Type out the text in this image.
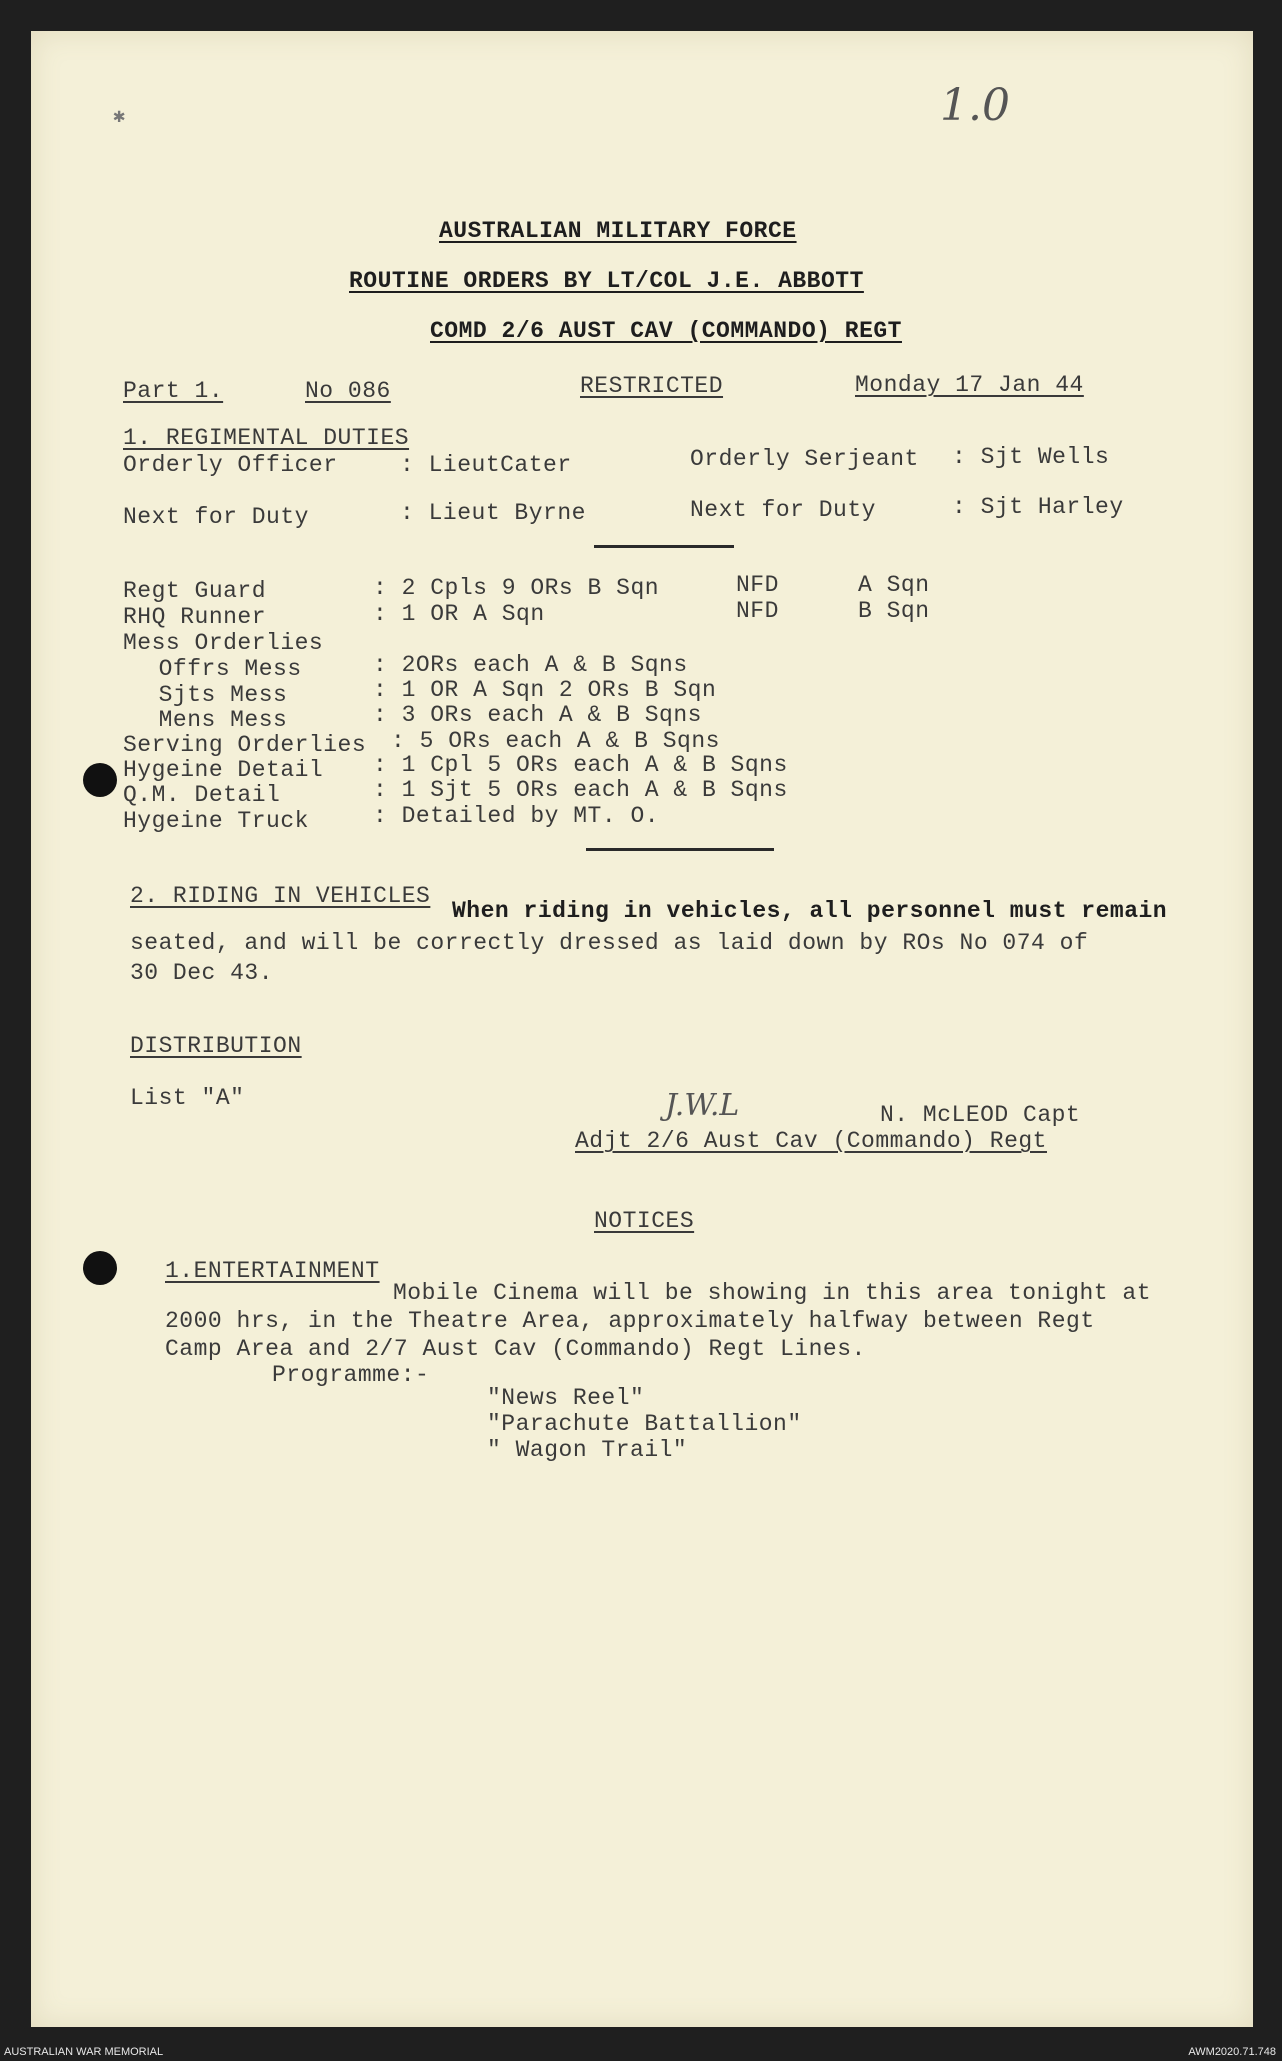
1.0
AUSTRALIAN MILITARY FORCE
ROUTINE ORDERS BY LT/COL J.E. ABBOTT
COMD 2/6 AUST CAV (COMMANDO) REGT
Part 1.	No 086	RESTRICTED	Monday 17 Jan 44
1. REGIMENTAL DUTIES
Orderly Officer	: LieutCater	Orderly Serjeant : Sjt Wells
Next for Duty	: Lieut Byrne	Next for Duty	: Sjt Harley
Regt Guard	: 2 Cpls 9 ORs B Sqn	NFD	A Sqn
RHQ Runner	: 1 OR A Sqn	NFD	B Sqn
Mess Orderlies
Offrs Mess	: 2ORs each A & B Sqns
Sjts Mess	: 1 OR A Sqn 2 ORs B Sqn
Mens Mess	: 3 ORs each A & B Sqns
Serving Orderlies : 5 ORs each A & B Sqns
Hygeine Detail : 1 Cpl 5 ORs each A & B Sqns
Q.M. Detail	: 1 Sjt 5 ORs each A & B Sqns
Hygeine Truck	: Detailed by MT. O.
2. RIDING IN VEHICLES
When riding in vehicles, all personnel must remain
seated, and will be correctly dressed as laid down by ROs No 074 of
30 Dec 43.
DISTRIBUTION
List "A"	J.W.L	N. McLEOD Capt
Adjt 2/6 Aust Cav (Commando) Regt
NOTICES
1.ENTERTAINMENT
Mobile Cinema will be showing in this area tonight at
2000 hrs, in the Theatre Area, approximately halfway between Regt
Camp Area and 2/7 Aust Cav (Commando) Regt Lines.
Programme:-
"News Reel"
"Parachute Battallion"
" Wagon Trail"
AUSTRALIAN WAR MEMORIAL	AWM2020.71.748
